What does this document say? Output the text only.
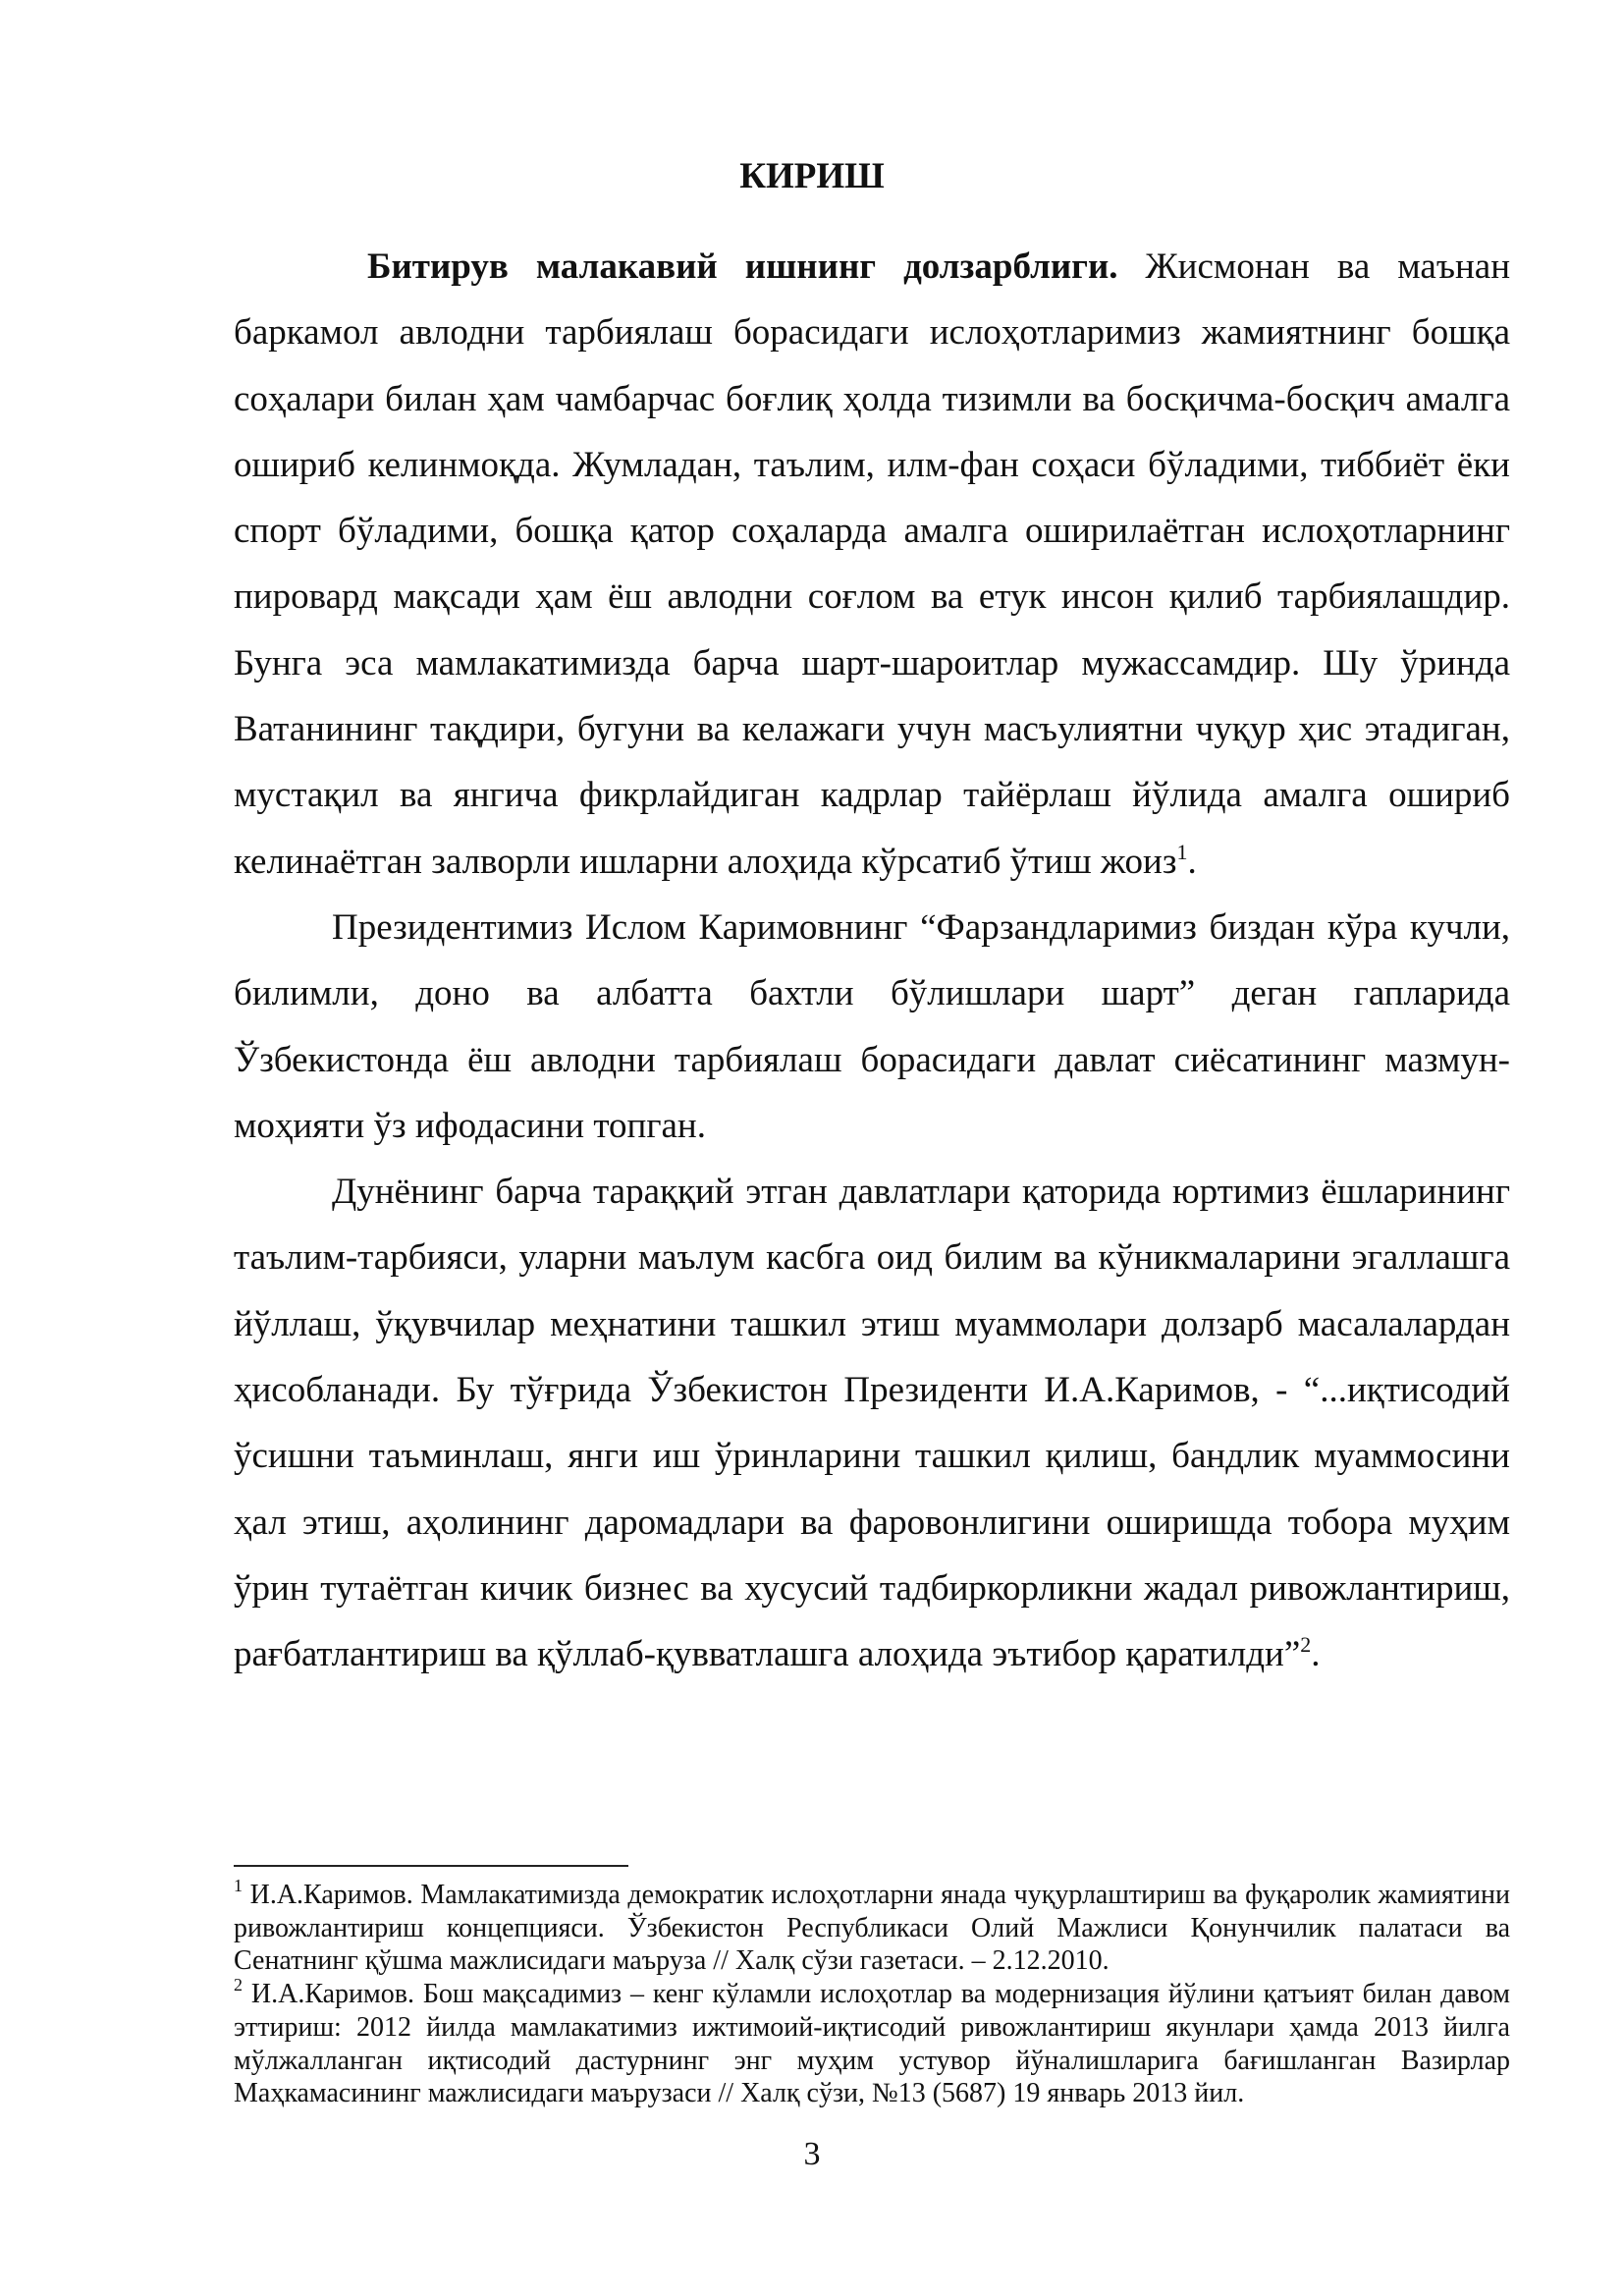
КИРИШ

Битирув малакавий ишнинг долзарблиги. Жисмонан ва маънан баркамол авлодни тарбиялаш борасидаги ислоҳотларимиз жамиятнинг бошқа соҳалари билан ҳам чамбарчас боғлиқ ҳолда тизимли ва босқичма-босқич амалга ошириб келинмоқда. Жумладан, таълим, илм-фан соҳаси бўладими, тиббиёт ёки спорт бўладими, бошқа қатор соҳаларда амалга оширилаётган ислоҳотларнинг пировард мақсади ҳам ёш авлодни соғлом ва етук инсон қилиб тарбиялашдир. Бунга эса мамлакатимизда барча шарт-шароитлар мужассамдир. Шу ўринда Ватанининг тақдири, бугуни ва келажаги учун масъулиятни чуқур ҳис этадиган, мустақил ва янгича фикрлайдиган кадрлар тайёрлаш йўлида амалга ошириб келинаётган залворли ишларни алоҳида кўрсатиб ўтиш жоиз$^1$.

Президентимиз Ислом Каримовнинг “Фарзандларимиз биздан кўра кучли, билимли, доно ва албатта бахтли бўлишлари шарт” деган гапларида Ўзбекистонда ёш авлодни тарбиялаш борасидаги давлат сиёсатининг мазмун-моҳияти ўз ифодасини топган.

Дунёнинг барча тараққий этган давлатлари қаторида юртимиз ёшларининг таълим-тарбияси, уларни маълум касбга оид билим ва кўникмаларини эгаллашга йўллаш, ўқувчилар меҳнатини ташкил этиш муаммолари долзарб масалалардан ҳисобланади. Бу тўғрида Ўзбекистон Президенти И.А.Каримов, - “...иқтисодий ўсишни таъминлаш, янги иш ўринларини ташкил қилиш, бандлик муаммосини ҳал этиш, аҳолининг даромадлари ва фаровонлигини оширишда тобора муҳим ўрин тутаётган кичик бизнес ва хусусий тадбиркорликни жадал ривожлантириш, рағбатлантириш ва қўллаб-қувватлашга алоҳида эътибор қаратилди”$^2$.

$^1$ И.А.Каримов. Мамлакатимизда демократик ислоҳотларни янада чуқурлаштириш ва фуқаролик жамиятини ривожлантириш концепцияси. Ўзбекистон Республикаси Олий Мажлиси Қонунчилик палатаси ва Сенатнинг қўшма мажлисидаги маъруза // Халқ сўзи газетаси. – 2.12.2010.

$^2$ И.А.Каримов. Бош мақсадимиз – кенг кўламли ислоҳотлар ва модернизация йўлини қатъият билан давом эттириш: 2012 йилда мамлакатимиз ижтимоий-иқтисодий ривожлантириш якунлари ҳамда 2013 йилга мўлжалланган иқтисодий дастурнинг энг муҳим устувор йўналишларига бағишланган Вазирлар Маҳкамасининг мажлисидаги маърузаси // Халқ сўзи, №13 (5687) 19 январь 2013 йил.

3
